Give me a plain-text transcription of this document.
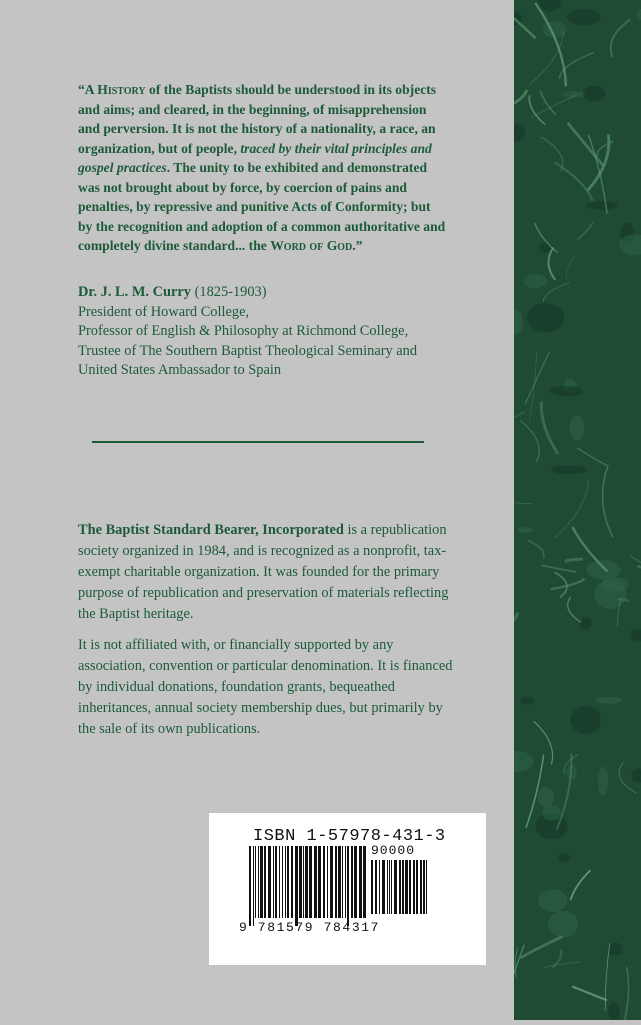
“A History of the Baptists should be understood in its objects and aims; and cleared, in the beginning, of misapprehension and perversion. It is not the history of a nationality, a race, an organization, but of people, traced by their vital principles and gospel practices. The unity to be exhibited and demonstrated was not brought about by force, by coercion of pains and penalties, by repressive and punitive Acts of Conformity; but by the recognition and adoption of a common authoritative and completely divine standard... the Word of God.”

Dr. J. L. M. Curry (1825-1903)
President of Howard College,
Professor of English & Philosophy at Richmond College,
Trustee of The Southern Baptist Theological Seminary and
United States Ambassador to Spain

The Baptist Standard Bearer, Incorporated is a republication society organized in 1984, and is recognized as a nonprofit, tax-exempt charitable organization. It was founded for the primary purpose of republication and preservation of materials reflecting the Baptist heritage.

It is not affiliated with, or financially supported by any association, convention or particular denomination. It is financed by individual donations, foundation grants, bequeathed inheritances, annual society membership dues, but primarily by the sale of its own publications.

ISBN 1-57978-431-3
90000
9 781579 784317
